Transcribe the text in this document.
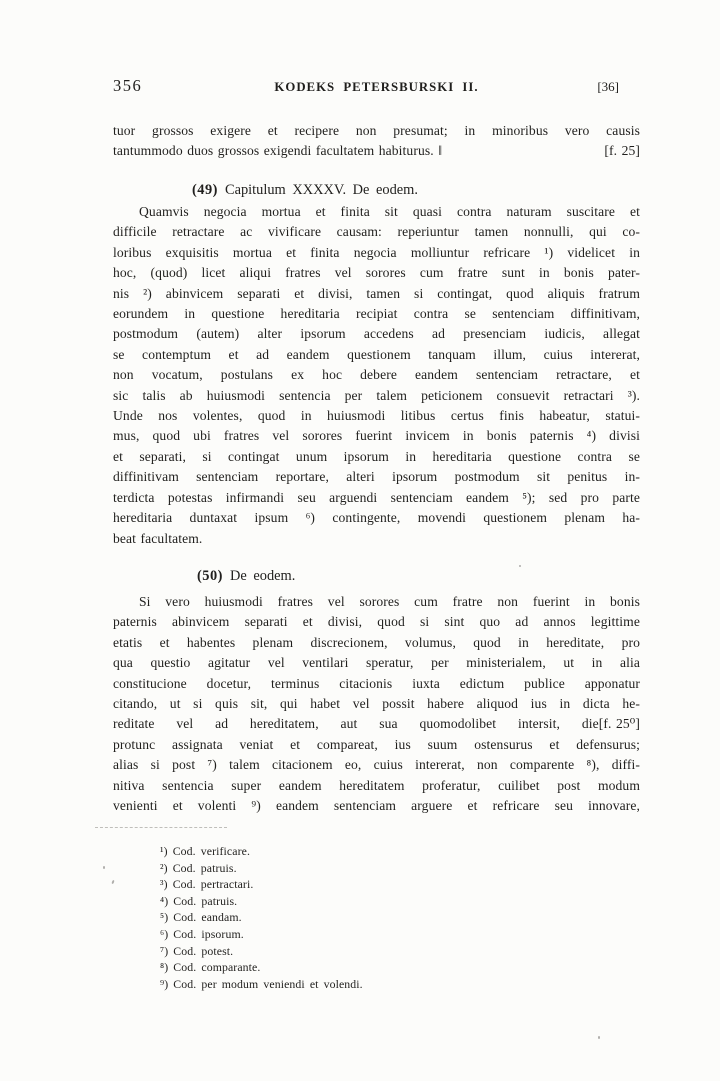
356	KODEKS PETERSBURSKI II.	[36]
tuor grossos exigere et recipere non presumat; in minoribus vero causis
[f. 25]
tantummodo duos grossos exigendi facultatem habiturus. ‖
(49) Capitulum XXXXV. De eodem.
Quamvis negocia mortua et finita sit quasi contra naturam suscitare et
difficile retractare ac vivificare causam: reperiuntur tamen nonnulli, qui co-
loribus exquisitis mortua et finita negocia molliuntur refricare ¹) videlicet in
hoc, (quod) licet aliqui fratres vel sorores cum fratre sunt in bonis pater-
nis ²) abinvicem separati et divisi, tamen si contingat, quod aliquis fratrum
eorundem in questione hereditaria recipiat contra se sentenciam diffinitivam,
postmodum (autem) alter ipsorum accedens ad presenciam iudicis, allegat
se contemptum et ad eandem questionem tanquam illum, cuius intererat,
non vocatum, postulans ex hoc debere eandem sentenciam retractare, et
sic talis ab huiusmodi sentencia per talem peticionem consuevit retractari ³).
Unde nos volentes, quod in huiusmodi litibus certus finis habeatur, statui-
mus, quod ubi fratres vel sorores fuerint invicem in bonis paternis ⁴) divisi
et separati, si contingat unum ipsorum in hereditaria questione contra se
diffinitivam sentenciam reportare, alteri ipsorum postmodum sit penitus in-
terdicta potestas infirmandi seu arguendi sentenciam eandem ⁵); sed pro parte
hereditaria duntaxat ipsum ⁶) contingente, movendi questionem plenam ha-
beat facultatem.
(50) De eodem.
Si vero huiusmodi fratres vel sorores cum fratre non fuerint in bonis
paternis abinvicem separati et divisi, quod si sint quo ad annos legittime
etatis et habentes plenam discrecionem, volumus, quod in hereditate, pro
qua questio agitatur vel ventilari speratur, per ministerialem, ut in alia
constitucione docetur, terminus citacionis iuxta edictum publice apponatur
citando, ut si quis sit, qui habet vel possit habere aliquod ius in dicta he-
[f. 25⁰]
reditate vel ad hereditatem, aut sua quomodolibet intersit, die
protunc assignata veniat et compareat, ius suum ostensurus et defensurus;
alias si post ⁷) talem citacionem eo, cuius intererat, non comparente ⁸), diffi-
nitiva sentencia super eandem hereditatem proferatur, cuilibet post modum
venienti et volenti ⁹) eandem sentenciam arguere et refricare seu innovare,
¹) Cod. verificare.
²) Cod. patruis.
³) Cod. pertractari.
⁴) Cod. patruis.
⁵) Cod. eandam.
⁶) Cod. ipsorum.
⁷) Cod. potest.
⁸) Cod. comparante.
⁹) Cod. per modum veniendi et volendi.
